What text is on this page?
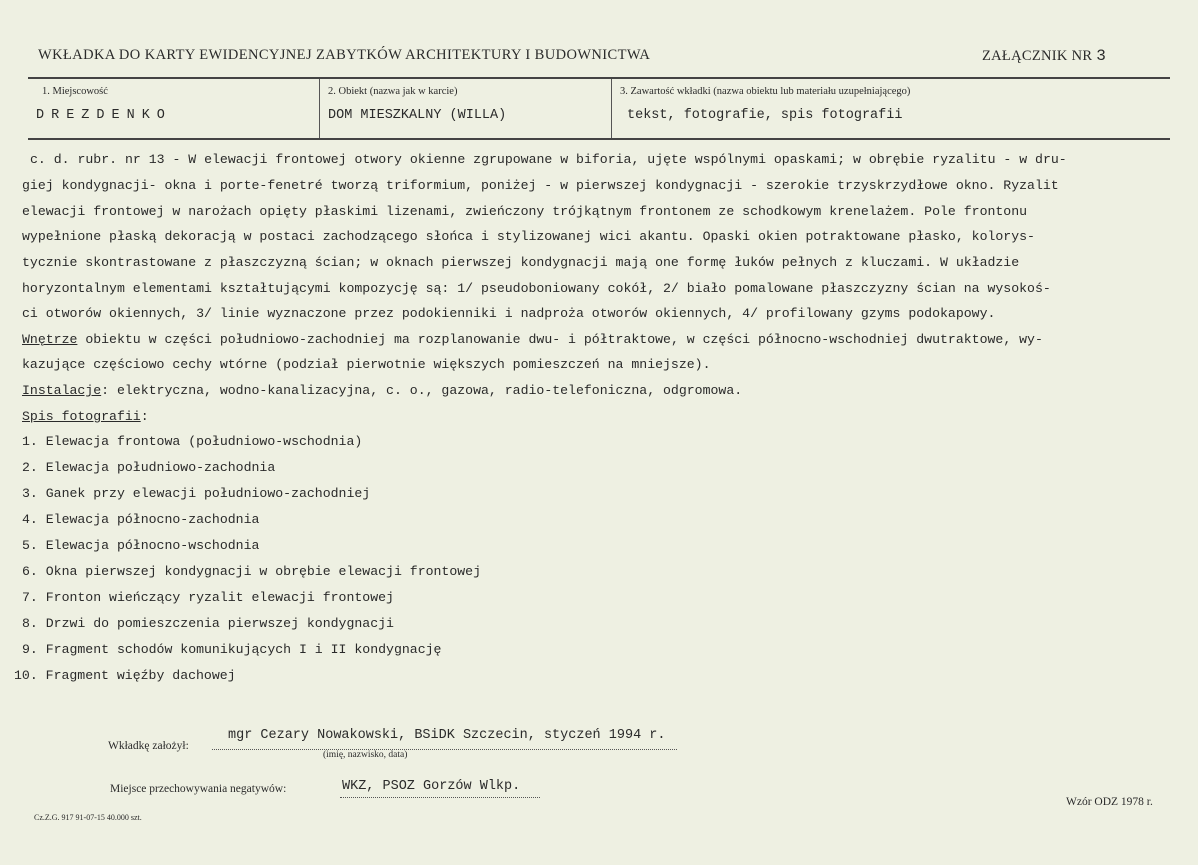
WKŁADKA DO KARTY EWIDENCYJNEJ ZABYTKÓW ARCHITEKTURY I BUDOWNICTWA	ZAŁĄCZNIK NR 3
1. Miejscowość
DREZDENKO
2. Obiekt (nazwa jak w karcie)
DOM MIESZKALNY (WILLA)
3. Zawartość wkładki (nazwa obiektu lub materiału uzupełniającego)
tekst, fotografie, spis fotografii
c. d. rubr. nr 13 - W elewacji frontowej otwory okienne zgrupowane w biforia, ujęte wspólnymi opaskami; w obrębie ryzalitu - w dru-
giej kondygnacji- okna i porte-fenetré tworzą triformium, poniżej - w pierwszej kondygnacji - szerokie trzyskrzydłowe okno. Ryzalit
elewacji frontowej w narożach opięty płaskimi lizenami, zwieńczony trójkątnym frontonem ze schodkowym krenelażem. Pole frontonu
wypełnione płaską dekoracją w postaci zachodzącego słońca i stylizowanej wici akantu. Opaski okien potraktowane płasko, kolorys-
tycznie skontrastowane z płaszczyzną ścian; w oknach pierwszej kondygnacji mają one formę łuków pełnych z kluczami. W układzie
horyzontalnym elementami kształtującymi kompozycję są: 1/ pseudoboniowany cokół, 2/ biało pomalowane płaszczyzny ścian na wysokoś-
ci otworów okiennych, 3/ linie wyznaczone przez podokienniki i nadproża otworów okiennych, 4/ profilowany gzyms podokapowy.
Wnętrze obiektu w części południowo-zachodniej ma rozplanowanie dwu- i półtraktowe, w części północno-wschodniej dwutraktowe, wy-
kazujące częściowo cechy wtórne (podział pierwotnie większych pomieszczeń na mniejsze).
Instalacje: elektryczna, wodno-kanalizacyjna, c. o., gazowa, radio-telefoniczna, odgromowa.
Spis fotografii:
1. Elewacja frontowa (południowo-wschodnia)
2. Elewacja południowo-zachodnia
3. Ganek przy elewacji południowo-zachodniej
4. Elewacja północno-zachodnia
5. Elewacja północno-wschodnia
6. Okna pierwszej kondygnacji w obrębie elewacji frontowej
7. Fronton wieńczący ryzalit elewacji frontowej
8. Drzwi do pomieszczenia pierwszej kondygnacji
9. Fragment schodów komunikujących I i II kondygnację
10. Fragment więźby dachowej
Wkładkę założył:
mgr Cezary Nowakowski, BSiDK Szczecin, styczeń 1994 r.
(imię, nazwisko, data)
Miejsce przechowywania negatywów:	WKZ, PSOZ Gorzów Wlkp.
Wzór ODZ 1978 r.
Cz.Z.G. 917 91-07-15 40.000 szt.
